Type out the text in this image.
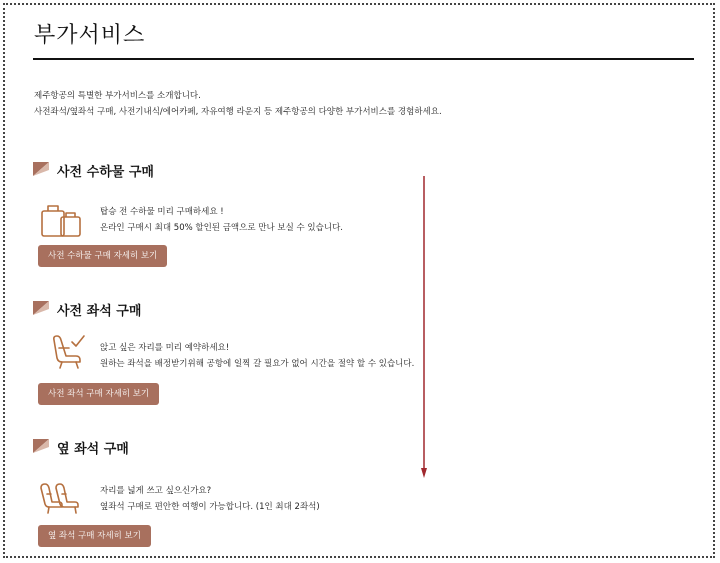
부가서비스
제주항공의 특별한 부가서비스를 소개합니다.
사전좌석/옆좌석 구매, 사전기내식/에어카페, 자유여행 라운지 등 제주항공의 다양한 부가서비스를 경험하세요.
사전 수하물 구매
탑승 전 수하물 미리 구매하세요 !
온라인 구매시 최대 50% 할인된 금액으로 만나 보실 수 있습니다.
사전 수하물 구매 자세히 보기
사전 좌석 구매
앉고 싶은 자리를 미리 예약하세요!
원하는 좌석을 배정받기위해 공항에 일찍 갈 필요가 없어 시간을 절약 할 수 있습니다.
사전 좌석 구매 자세히 보기
옆 좌석 구매
자리를 넓게 쓰고 싶으신가요?
옆좌석 구매로 편안한 여행이 가능합니다. (1인 최대 2좌석)
옆 좌석 구매 자세히 보기
